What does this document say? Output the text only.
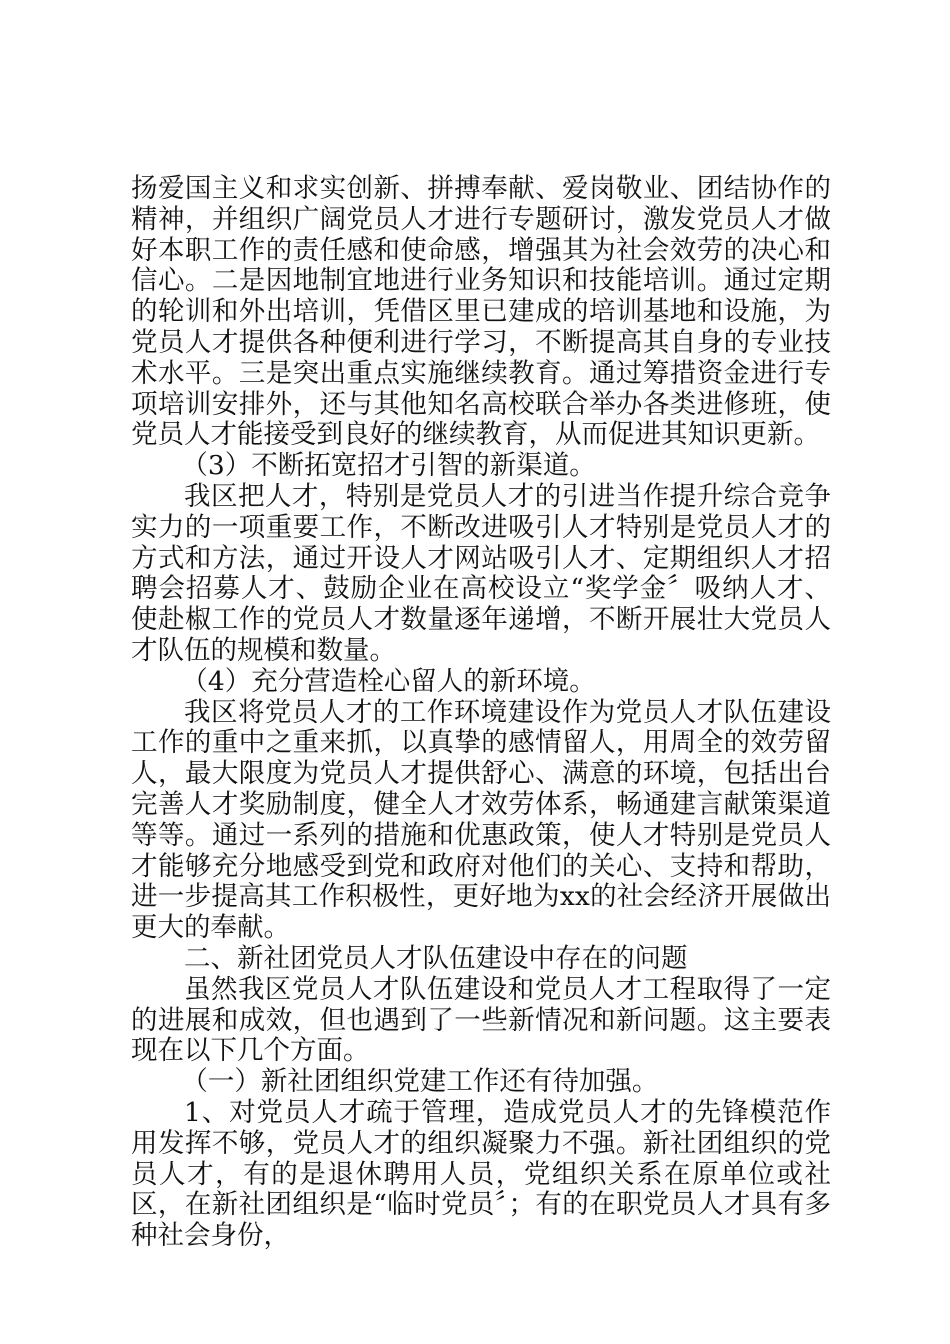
扬爱国主义和求实创新、拼搏奉献、爱岗敬业、团结协作的精神，并组织广阔党员人才进行专题研讨，激发党员人才做好本职工作的责任感和使命感，增强其为社会效劳的决心和信心。二是因地制宜地进行业务知识和技能培训。通过定期的轮训和外出培训，凭借区里已建成的培训基地和设施，为党员人才提供各种便利进行学习，不断提高其自身的专业技术水平。三是突出重点实施继续教育。通过筹措资金进行专项培训安排外，还与其他知名高校联合举办各类进修班，使党员人才能接受到良好的继续教育，从而促进其知识更新。

（3）不断拓宽招才引智的新渠道。

我区把人才，特别是党员人才的引进当作提升综合竞争实力的一项重要工作，不断改进吸引人才特别是党员人才的方式和方法，通过开设人才网站吸引人才、定期组织人才招聘会招募人才、鼓励企业在高校设立“奖学金〞吸纳人才、使赴椒工作的党员人才数量逐年递增，不断开展壮大党员人才队伍的规模和数量。

（4）充分营造栓心留人的新环境。

我区将党员人才的工作环境建设作为党员人才队伍建设工作的重中之重来抓，以真挚的感情留人，用周全的效劳留人，最大限度为党员人才提供舒心、满意的环境，包括出台完善人才奖励制度，健全人才效劳体系，畅通建言献策渠道等等。通过一系列的措施和优惠政策，使人才特别是党员人才能够充分地感受到党和政府对他们的关心、支持和帮助，进一步提高其工作积极性，更好地为xx的社会经济开展做出更大的奉献。

二、新社团党员人才队伍建设中存在的问题

虽然我区党员人才队伍建设和党员人才工程取得了一定的进展和成效，但也遇到了一些新情况和新问题。这主要表现在以下几个方面。

（一）新社团组织党建工作还有待加强。

1、对党员人才疏于管理，造成党员人才的先锋模范作用发挥不够，党员人才的组织凝聚力不强。新社团组织的党员人才，有的是退休聘用人员，党组织关系在原单位或社区，在新社团组织是“临时党员〞；有的在职党员人才具有多种社会身份，
